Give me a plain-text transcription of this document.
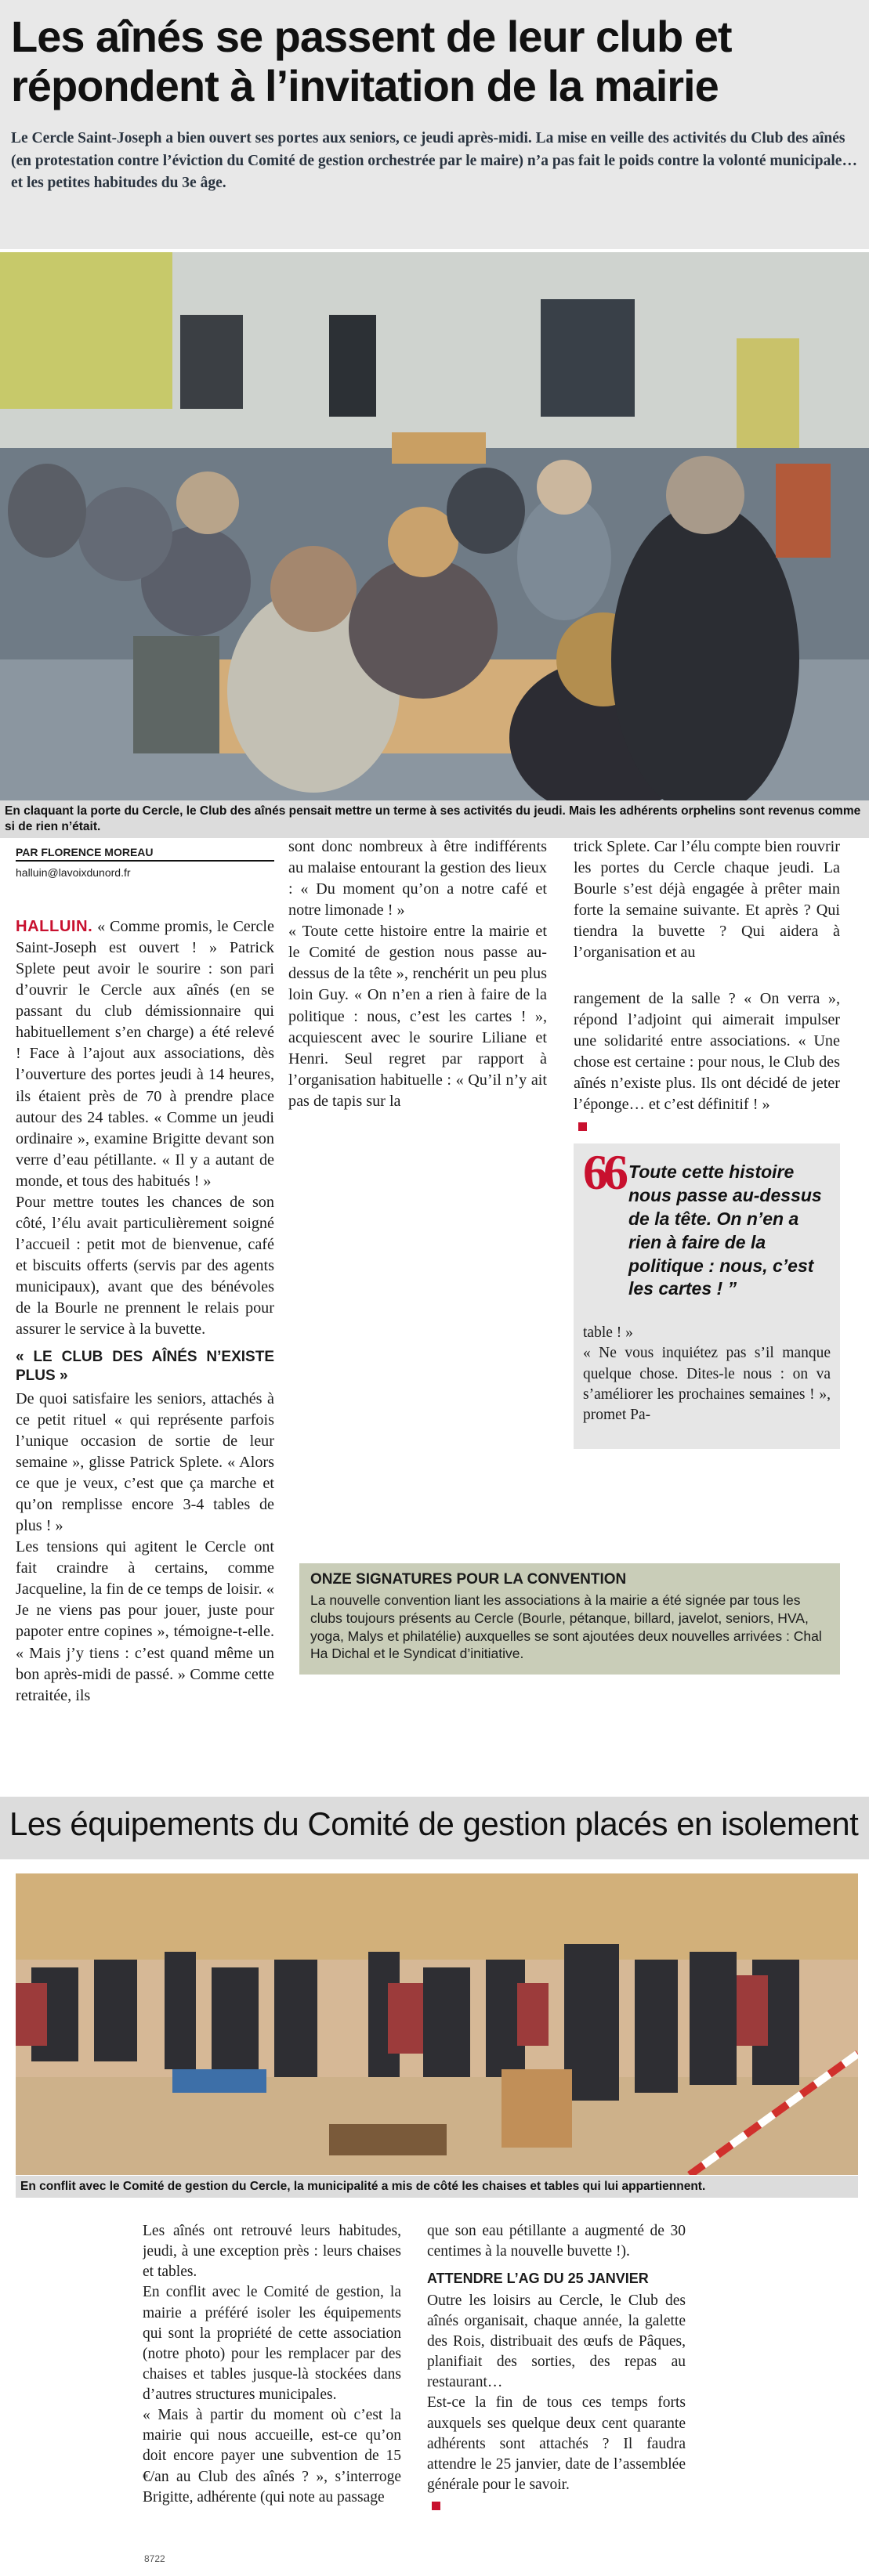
Les aînés se passent de leur club et
répondent à l’invitation de la mairie

Le Cercle Saint-Joseph a bien ouvert ses portes aux seniors, ce jeudi après-midi. La mise en veille des activités du Club des aînés (en protestation contre l’éviction du Comité de gestion orchestrée par le maire) n’a pas fait le poids contre la volonté municipale… et les petites habitudes du 3e âge.

En claquant la porte du Cercle, le Club des aînés pensait mettre un terme à ses activités du jeudi. Mais les adhérents orphelins sont revenus comme si de rien n’était.
PAR FLORENCE MOREAU
halluin@lavoixdunord.fr

HALLUIN. « Comme promis, le Cercle Saint-Joseph est ouvert ! » Patrick Splete peut avoir le sourire : son pari d’ouvrir le Cercle aux aînés (en se passant du club démissionnaire qui habituellement s’en charge) a été relevé ! Face à l’ajout aux associations, dès l’ouverture des portes jeudi à 14 heures, ils étaient près de 70 à prendre place autour des 24 tables. « Comme un jeudi ordinaire », examine Brigitte devant son verre d’eau pétillante. « Il y a autant de monde, et tous des habitués ! »

Pour mettre toutes les chances de son côté, l’élu avait particulièrement soigné l’accueil : petit mot de bienvenue, café et biscuits offerts (servis par des agents municipaux), avant que des bénévoles de la Bourle ne prennent le relais pour assurer le service à la buvette.

« LE CLUB DES AÎNÉS N’EXISTE PLUS »

De quoi satisfaire les seniors, attachés à ce petit rituel « qui représente parfois l’unique occasion de sortie de leur semaine », glisse Patrick Splete. « Alors ce que je veux, c’est que ça marche et qu’on remplisse encore 3-4 tables de plus ! »

Les tensions qui agitent le Cercle ont fait craindre à certains, comme Jacqueline, la fin de ce temps de loisir. « Je ne viens pas pour jouer, juste pour papoter entre copines », témoigne-t-elle. « Mais j’y tiens : c’est quand même un bon après-midi de passé. » Comme cette retraitée, ils

sont donc nombreux à être indifférents au malaise entourant la gestion des lieux : « Du moment qu’on a notre café et notre limonade ! »

« Toute cette histoire entre la mairie et le Comité de gestion nous passe au-dessus de la tête », renchérit un peu plus loin Guy. « On n’en a rien à faire de la politique : nous, c’est les cartes ! », acquiescent avec le sourire Liliane et Henri. Seul regret par rapport à l’organisation habituelle : « Qu’il n’y ait pas de tapis sur la

trick Splete. Car l’élu compte bien rouvrir les portes du Cercle chaque jeudi. La Bourle s’est déjà engagée à prêter main forte la semaine suivante. Et après ? Qui tiendra la buvette ? Qui aidera à l’organisation et au

rangement de la salle ? « On verra », répond l’adjoint qui aimerait impulser une solidarité entre associations. « Une chose est certaine : pour nous, le Club des aînés n’existe plus. Ils ont décidé de jeter l’éponge… et c’est définitif ! »

66 Toute cette histoire nous passe au-dessus de la tête. On n’en a rien à faire de la politique : nous, c’est les cartes ! ”
table ! »
« Ne vous inquiétez pas s’il manque quelque chose. Dites-le nous : on va s’améliorer les prochaines semaines ! », promet Pa-
ONZE SIGNATURES POUR LA CONVENTION
La nouvelle convention liant les associations à la mairie a été signée par tous les clubs toujours présents au Cercle (Bourle, pétanque, billard, javelot, seniors, HVA, yoga, Malys et philatélie) auxquelles se sont ajoutées deux nouvelles arrivées : Chal Ha Dichal et le Syndicat d’initiative.
Les équipements du Comité de gestion placés en isolement
En conflit avec le Comité de gestion du Cercle, la municipalité a mis de côté les chaises et tables qui lui appartiennent.
Les aînés ont retrouvé leurs habitudes, jeudi, à une exception près : leurs chaises et tables.
En conflit avec le Comité de gestion, la mairie a préféré isoler les équipements qui sont la propriété de cette association (notre photo) pour les remplacer par des chaises et tables jusque-là stockées dans d’autres structures municipales.
« Mais à partir du moment où c’est la mairie qui nous accueille, est-ce qu’on doit encore payer une subvention de 15 €/an au Club des aînés ? », s’interroge Brigitte, adhérente (qui note au passage

que son eau pétillante a augmenté de 30 centimes à la nouvelle buvette !).

ATTENDRE L’AG DU 25 JANVIER

Outre les loisirs au Cercle, le Club des aînés organisait, chaque année, la galette des Rois, distribuait des œufs de Pâques, planifiait des sorties, des repas au restaurant…
Est-ce la fin de tous ces temps forts auxquels ses quelque deux cent quarante adhérents sont attachés ? Il faudra attendre le 25 janvier, date de l’assemblée générale pour le savoir.

8722
